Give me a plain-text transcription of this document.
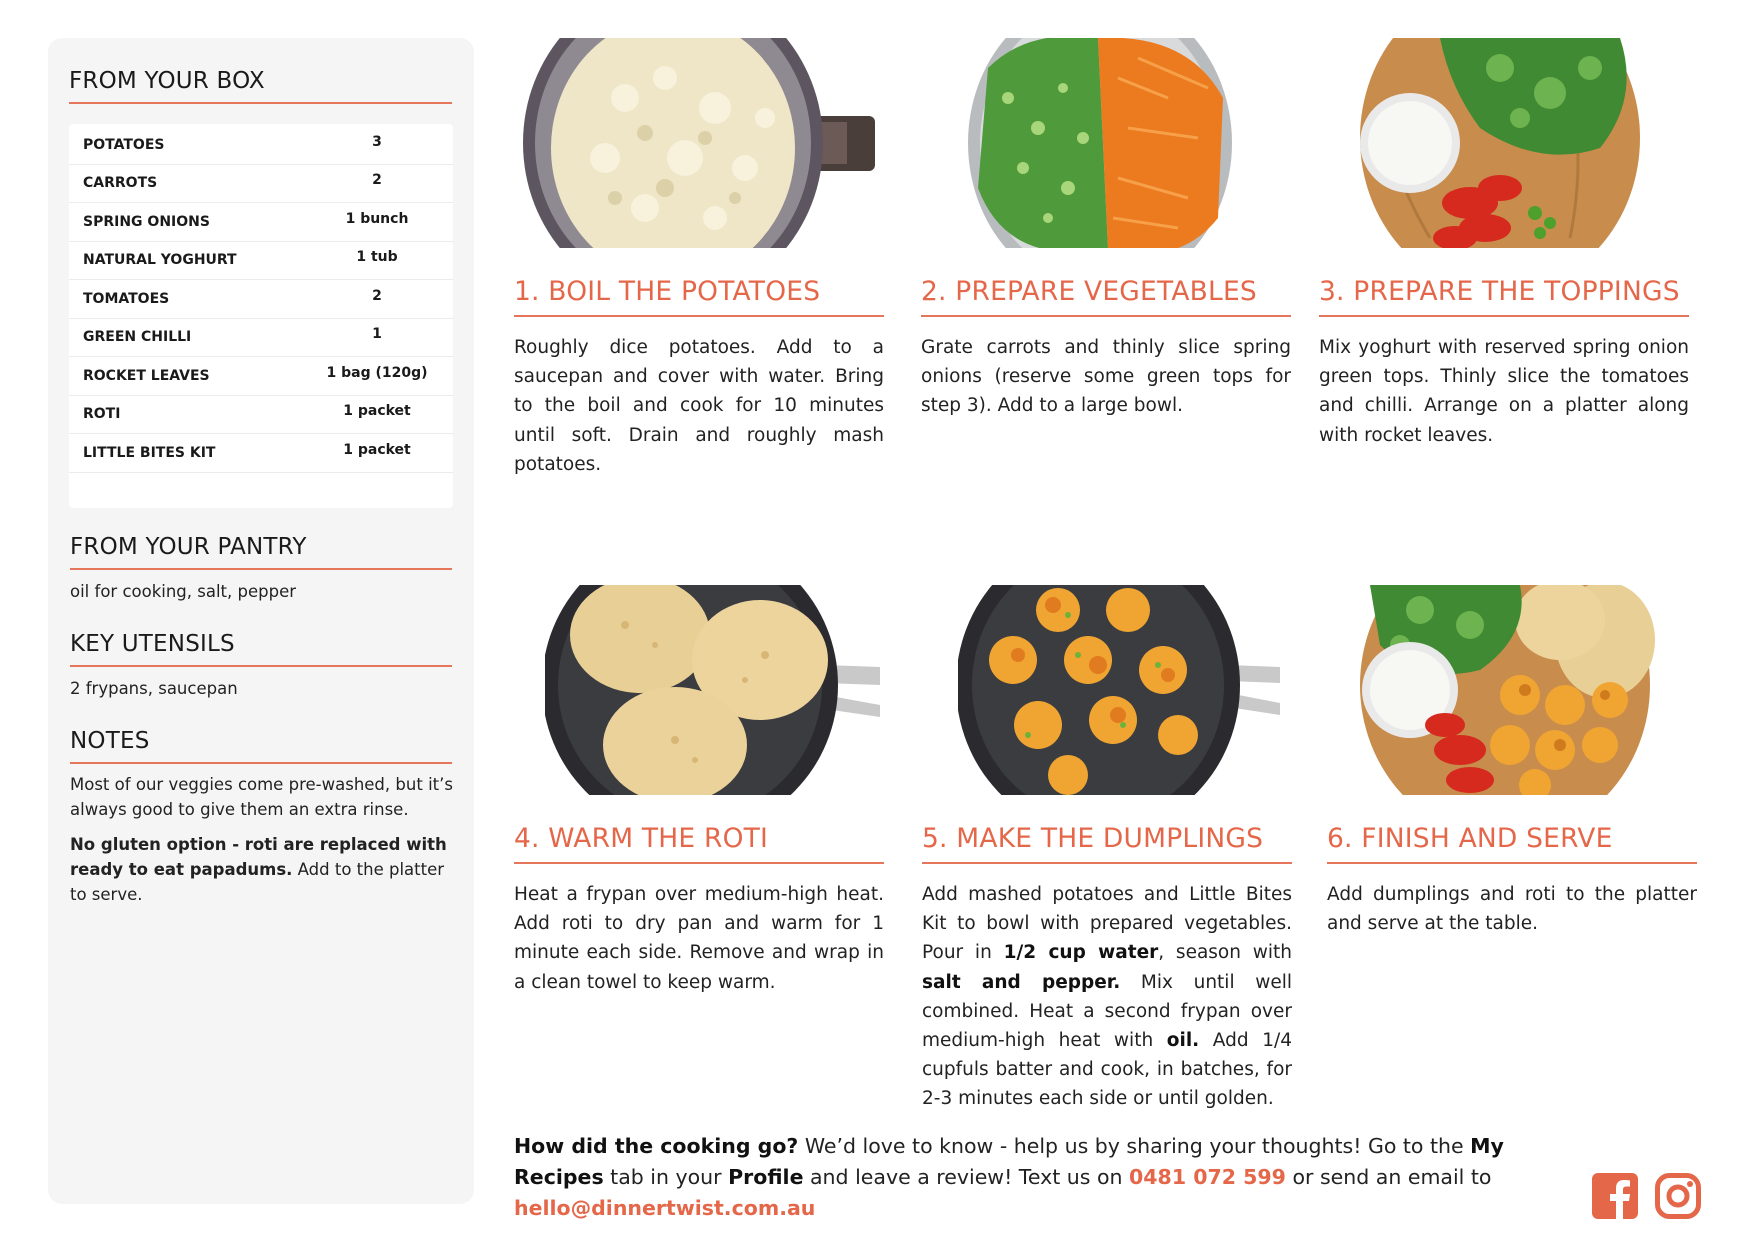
FROM YOUR BOX
POTATOES	3
CARROTS	2
SPRING ONIONS	1 bunch
NATURAL YOGHURT	1 tub
TOMATOES	2
GREEN CHILLI	1
ROCKET LEAVES	1 bag (120g)
ROTI	1 packet
LITTLE BITES KIT	1 packet
FROM YOUR PANTRY
oil for cooking, salt, pepper
KEY UTENSILS
2 frypans, saucepan
NOTES
Most of our veggies come pre-washed, but it’s always good to give them an extra rinse.
No gluten option - roti are replaced with ready to eat papadums. Add to the platter to serve.
1. BOIL THE POTATOES
Roughly dice potatoes. Add to a saucepan and cover with water. Bring to the boil and cook for 10 minutes until soft. Drain and roughly mash potatoes.
2. PREPARE VEGETABLES
Grate carrots and thinly slice spring onions (reserve some green tops for step 3). Add to a large bowl.
3. PREPARE THE TOPPINGS
Mix yoghurt with reserved spring onion green tops. Thinly slice the tomatoes and chilli. Arrange on a platter along with rocket leaves.
4. WARM THE ROTI
Heat a frypan over medium-high heat. Add roti to dry pan and warm for 1 minute each side. Remove and wrap in a clean towel to keep warm.
5. MAKE THE DUMPLINGS
Add mashed potatoes and Little Bites Kit to bowl with prepared vegetables. Pour in 1/2 cup water, season with salt and pepper. Mix until well combined. Heat a second frypan over medium-high heat with oil. Add 1/4 cupfuls batter and cook, in batches, for 2-3 minutes each side or until golden.
6. FINISH AND SERVE
Add dumplings and roti to the platter and serve at the table.
How did the cooking go? We’d love to know - help us by sharing your thoughts! Go to the My Recipes tab in your Profile and leave a review! Text us on 0481 072 599 or send an email to hello@dinnertwist.com.au
